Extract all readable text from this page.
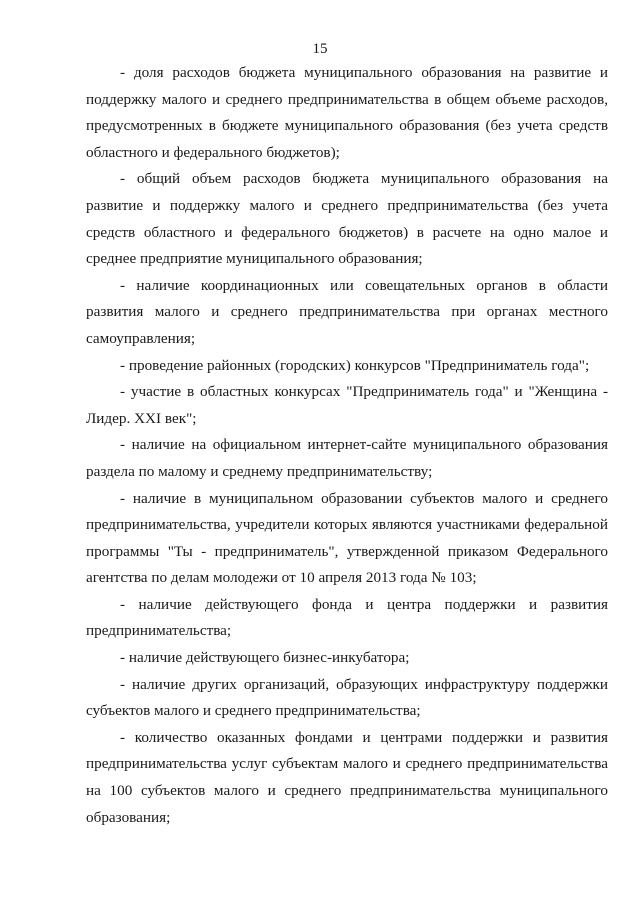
15

- доля расходов бюджета муниципального образования на развитие и поддержку малого и среднего предпринимательства в общем объеме расходов, предусмотренных в бюджете муниципального образования (без учета средств областного и федерального бюджетов);

- общий объем расходов бюджета муниципального образования на развитие и поддержку малого и среднего предпринимательства (без учета средств областного и федерального бюджетов) в расчете на одно малое и среднее предприятие муниципального образования;

- наличие координационных или совещательных органов в области развития малого и среднего предпринимательства при органах местного самоуправления;

- проведение районных (городских) конкурсов "Предприниматель года";

- участие в областных конкурсах "Предприниматель года" и "Женщина - Лидер. XXI век";

- наличие на официальном интернет-сайте муниципального образования раздела по малому и среднему предпринимательству;

- наличие в муниципальном образовании субъектов малого и среднего предпринимательства, учредители которых являются участниками федеральной программы "Ты - предприниматель", утвержденной приказом Федерального агентства по делам молодежи от 10 апреля 2013 года № 103;

- наличие действующего фонда и центра поддержки и развития предпринимательства;

- наличие действующего бизнес-инкубатора;

- наличие других организаций, образующих инфраструктуру поддержки субъектов малого и среднего предпринимательства;

- количество оказанных фондами и центрами поддержки и развития предпринимательства услуг субъектам малого и среднего предпринимательства на 100 субъектов малого и среднего предпринимательства муниципального образования;
